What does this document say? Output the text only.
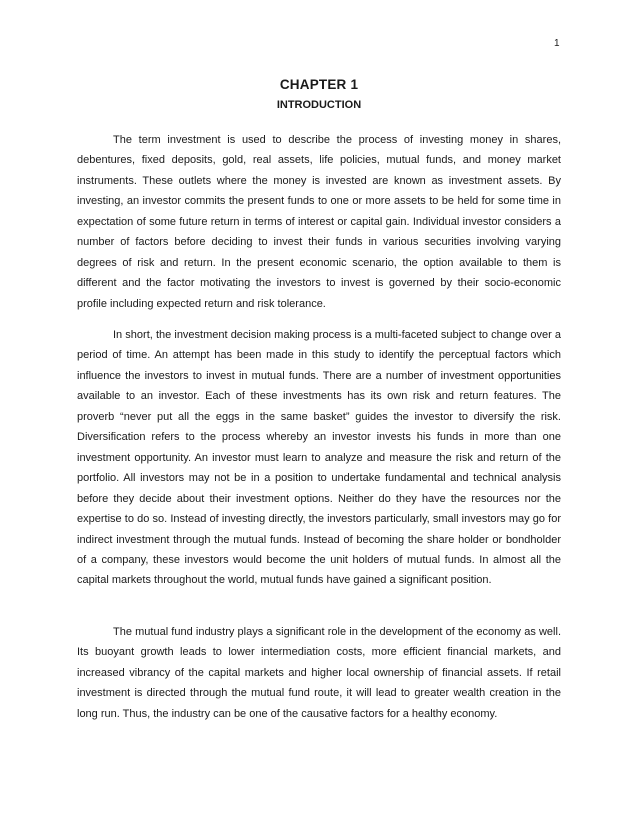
1
CHAPTER 1
INTRODUCTION

The term investment is used to describe the process of investing money in shares, debentures, fixed deposits, gold, real assets, life policies, mutual funds, and money market instruments. These outlets where the money is invested are known as investment assets. By investing, an investor commits the present funds to one or more assets to be held for some time in expectation of some future return in terms of interest or capital gain. Individual investor considers a number of factors before deciding to invest their funds in various securities involving varying degrees of risk and return. In the present economic scenario, the option available to them is different and the factor motivating the investors to invest is governed by their socio-economic profile including expected return and risk tolerance.

In short, the investment decision making process is a multi-faceted subject to change over a period of time. An attempt has been made in this study to identify the perceptual factors which influence the investors to invest in mutual funds. There are a number of investment opportunities available to an investor. Each of these investments has its own risk and return features. The proverb “never put all the eggs in the same basket” guides the investor to diversify the risk. Diversification refers to the process whereby an investor invests his funds in more than one investment opportunity. An investor must learn to analyze and measure the risk and return of the portfolio. All investors may not be in a position to undertake fundamental and technical analysis before they decide about their investment options. Neither do they have the resources nor the expertise to do so. Instead of investing directly, the investors particularly, small investors may go for indirect investment through the mutual funds. Instead of becoming the share holder or bondholder of a company, these investors would become the unit holders of mutual funds. In almost all the capital markets throughout the world, mutual funds have gained a significant position.

The mutual fund industry plays a significant role in the development of the economy as well. Its buoyant growth leads to lower intermediation costs, more efficient financial markets, and increased vibrancy of the capital markets and higher local ownership of financial assets. If retail investment is directed through the mutual fund route, it will lead to greater wealth creation in the long run. Thus, the industry can be one of the causative factors for a healthy economy.
